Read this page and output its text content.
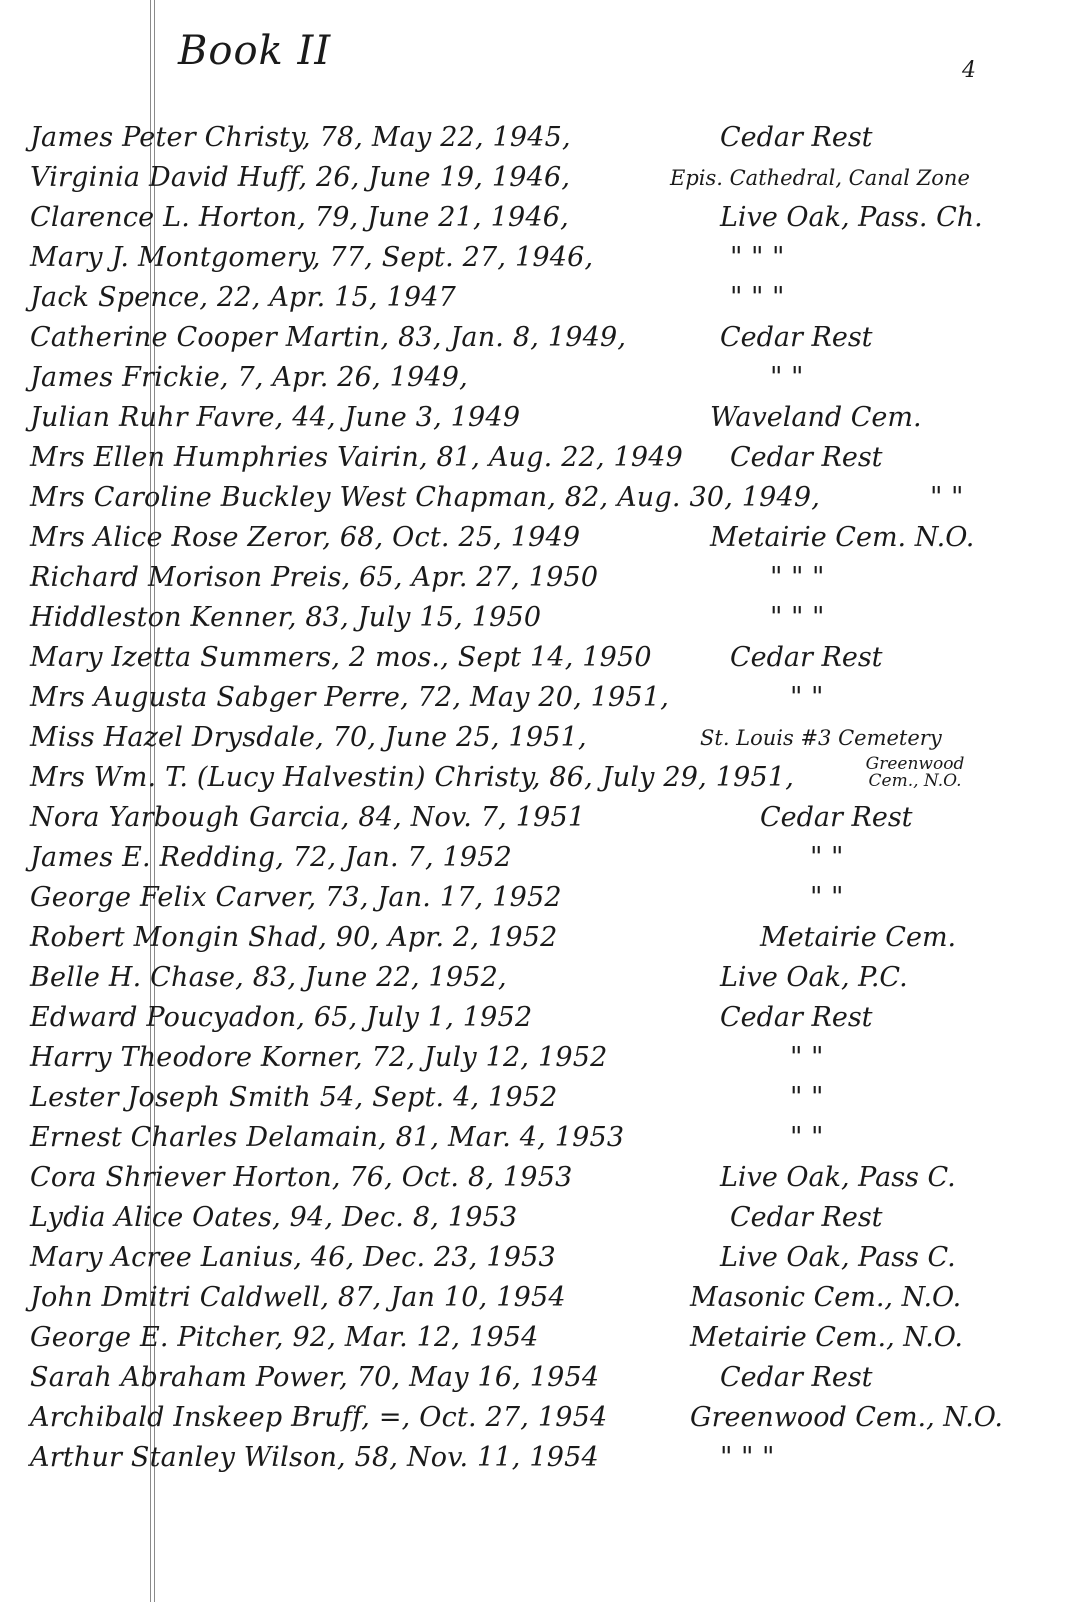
Book II	4
James Peter Christy, 78, May 22, 1945,	Cedar Rest
Virginia David Huff, 26, June 19, 1946,	Epis. Cathedral, Canal Zone
Clarence L. Horton, 79, June 21, 1946,	Live Oak, Pass. Ch.
Mary J. Montgomery, 77, Sept. 27, 1946,	" " "
Jack Spence, 22, Apr. 15, 1947	" " "
Catherine Cooper Martin, 83, Jan. 8, 1949,	Cedar Rest
James Frickie, 7, Apr. 26, 1949,	" "
Julian Ruhr Favre, 44, June 3, 1949	Waveland Cem.
Mrs Ellen Humphries Vairin, 81, Aug. 22, 1949 Cedar Rest
Mrs Caroline Buckley West Chapman, 82, Aug. 30, 1949,	" "
Mrs Alice Rose Zeror, 68, Oct. 25, 1949	Metairie Cem. N.O.
Richard Morison Preis, 65, Apr. 27, 1950	" " "
Hiddleston Kenner, 83, July 15, 1950	" " "
Mary Izetta Summers, 2 mos., Sept 14, 1950	Cedar Rest
Mrs Augusta Sabger Perre, 72, May 20, 1951,	" "
Miss Hazel Drysdale, 70, June 25, 1951,	St. Louis #3 Cemetery
Mrs Wm. T. (Lucy Halvestin) Christy, 86, July 29, 1951,	Greenwood Cem., N.O.
Nora Yarbough Garcia, 84, Nov. 7, 1951	Cedar Rest
James E. Redding, 72, Jan. 7, 1952	" "
George Felix Carver, 73, Jan. 17, 1952	" "
Robert Mongin Shad, 90, Apr. 2, 1952	Metairie Cem.
Belle H. Chase, 83, June 22, 1952,	Live Oak, P.C.
Edward Poucyadon, 65, July 1, 1952	Cedar Rest
Harry Theodore Korner, 72, July 12, 1952	" "
Lester Joseph Smith 54, Sept. 4, 1952	" "
Ernest Charles Delamain, 81, Mar. 4, 1953	" "
Cora Shriever Horton, 76, Oct. 8, 1953	Live Oak, Pass C.
Lydia Alice Oates, 94, Dec. 8, 1953	Cedar Rest
Mary Acree Lanius, 46, Dec. 23, 1953	Live Oak, Pass C.
John Dmitri Caldwell, 87, Jan 10, 1954	Masonic Cem., N.O.
George E. Pitcher, 92, Mar. 12, 1954	Metairie Cem., N.O.
Sarah Abraham Power, 70, May 16, 1954	Cedar Rest
Archibald Inskeep Bruff, =, Oct. 27, 1954	Greenwood Cem., N.O.
Arthur Stanley Wilson, 58, Nov. 11, 1954	" " "
